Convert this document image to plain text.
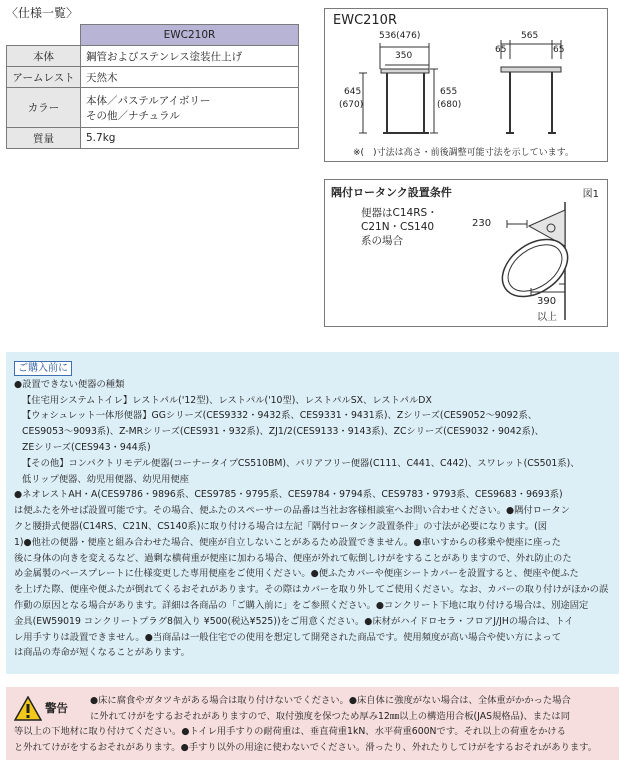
〈仕様一覧〉
	EWC210R
本体	鋼管およびステンレス塗装仕上げ
アームレスト	天然木
カラー	本体／パステルアイボリー
その他／ナチュラル

質量	5.7kg
EWC210R
536(476)
350
645
(670)
655
(680)
565
65	65
※(　)寸法は高さ・前後調整可能寸法を示しています。
隅付ロータンク設置条件	図1
便器はC14RS・
C21N・CS140
系の場合
230
390
以上
ご購入前に
●設置できない便器の種類
【住宅用システムトイレ】レストパル('12型)、レストパル('10型)、レストパルSX、レストパルDX
【ウォシュレット一体形便器】GGシリーズ(CES9332・9432系、CES9331・9431系)、Zシリーズ(CES9052〜9092系、
CES9053〜9093系)、Z-MRシリーズ(CES931・932系)、ZJ1/2(CES9133・9143系)、ZCシリーズ(CES9032・9042系)、
ZEシリーズ(CES943・944系)
【その他】コンパクトリモデル便器(コーナータイプCS510BM)、バリアフリー便器(C111、C441、C442)、スワレット(CS501系)、
低リップ便器、幼児用便器、幼児用便座
●ネオレストAH・A(CES9786・9896系、CES9785・9795系、CES9784・9794系、CES9783・9793系、CES9683・9693系)
は便ふたを外せば設置可能です。その場合、便ふたのスペーサーの品番は当社お客様相談室へお問い合わせください。●隅付ロータン
クと腰掛式便器(C14RS、C21N、CS140系)に取り付ける場合は左記「隅付ロータンク設置条件」の寸法が必要になります。(図
1)●他社の便器・便座と組み合わせた場合、便座が自立しないことがあるため設置できません。●車いすからの移乗や便座に座った
後に身体の向きを変えるなど、過剰な横荷重が便座に加わる場合、便座が外れて転倒しけがをすることがありますので、外れ防止のた
め金属製のベースプレートに仕様変更した専用便座をご使用ください。●便ふたカバーや便座シートカバーを設置すると、便座や便ふた
を上げた際、便座や便ふたが倒れてくるおそれがあります。その際はカバーを取り外してご使用ください。なお、カバーの取り付けがほかの誤
作動の原因となる場合があります。詳細は各商品の「ご購入前に」をご参照ください。●コンクリート下地に取り付ける場合は、別途固定
金具(EW59019 コンクリートプラグ8個入り ¥500(税込¥525))をご用意ください。●床材がハイドロセラ・フロアJ/JHの場合は、トイ
レ用手すりは設置できません。●当商品は一般住宅での使用を想定して開発された商品です。使用頻度が高い場合や使い方によって
は商品の寿命が短くなることがあります。
警告
●床に腐食やガタツキがある場合は取り付けないでください。●床自体に強度がない場合は、全体重がかかった場合
に外れてけがをするおそれがありますので、取付強度を保つため厚み12㎜以上の構造用合板(JAS規格品)、または同
等以上の下地材に取り付けてください。●トイレ用手すりの耐荷重は、垂直荷重1kN、水平荷重600Nです。それ以上の荷重をかける
と外れてけがをするおそれがあります。●手すり以外の用途に使わないでください。滑ったり、外れたりしてけがをするおそれがあります。
